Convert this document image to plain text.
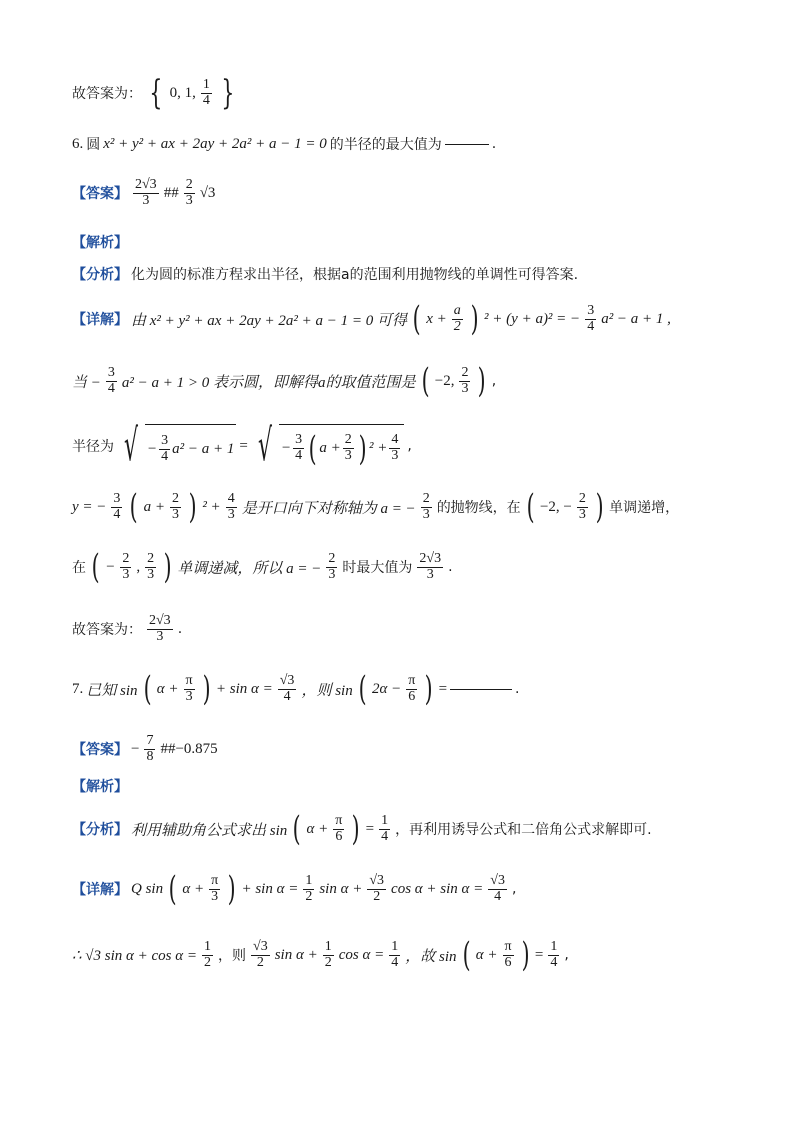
故答案为： { 0, 1, $\frac{1}{4}$ }
6. 圆 x² + y² + ax + 2ay + 2a² + a − 1 = 0 的半径的最大值为	.
【答案】 $\frac{2√3}{3}$ ## $\frac{2}{3} √3$
【解析】
【分析】 化为圆的标准方程求出半径，根据a的范围利用抛物线的单调性可得答案.
【详解】 由 x² + y² + ax + 2ay + 2a² + a − 1 = 0 可得 ( $x + \frac{a}{2}$ ) ² + (y + a)² = − $\frac{3}{4} a^2 - a + 1$ ,
当 − $\frac{3}{4} a^2 - a + 1 > 0$ 表示圆，即解得a的取值范围是 ( −2, $\frac{2}{3}$ ) ,
半径为 √ − $\frac{3}{4} a^2 - a + 1$ = √ − $\frac{3}{4}$ ( $a + \frac{2}{3}$ ) $^2 + \frac{4}{3}$ ,
y = − $\frac{3}{4}$ ( $a + \frac{2}{3}$ ) $^2 + \frac{4}{3}$ 是开口向下对称轴为 a = − $\frac{2}{3}$ 的抛物线，在 ( −2, − $\frac{2}{3}$ ) 单调递增，
在 ( − $\frac{2}{3}$ , $\frac{2}{3}$ ) 单调递减，所以 a = − $\frac{2}{3}$ 时最大值为 $\frac{2√3}{3}$ .
故答案为： $\frac{2√3}{3}$ .
7. 已知 sin ( $\alpha + \frac{\pi}{3}$ ) + $\sin \alpha = \frac{√3}{4}$ ，则 sin ( $2\alpha - \frac{\pi}{6}$ ) =	.
【答案】 − $\frac{7}{8}$ ##−0.875
【解析】
【分析】 利用辅助角公式求出 sin ( $\alpha + \frac{\pi}{6}$ ) = $\frac{1}{4}$ ，再利用诱导公式和二倍角公式求解即可.
【详解】 Q sin ( $\alpha + \frac{\pi}{3}$ ) + $\sin \alpha = \frac{1}{2}$ $\sin \alpha + \frac{√3}{2}$ $\cos \alpha + \sin \alpha = \frac{√3}{4}$ ,
∴ √3 $\sin \alpha + \cos \alpha = \frac{1}{2}$ ，则 $\frac{√3}{2}$ $\sin \alpha + \frac{1}{2}$ $\cos \alpha = \frac{1}{4}$ ，故 sin ( $\alpha + \frac{\pi}{6}$ ) = $\frac{1}{4}$ ,
